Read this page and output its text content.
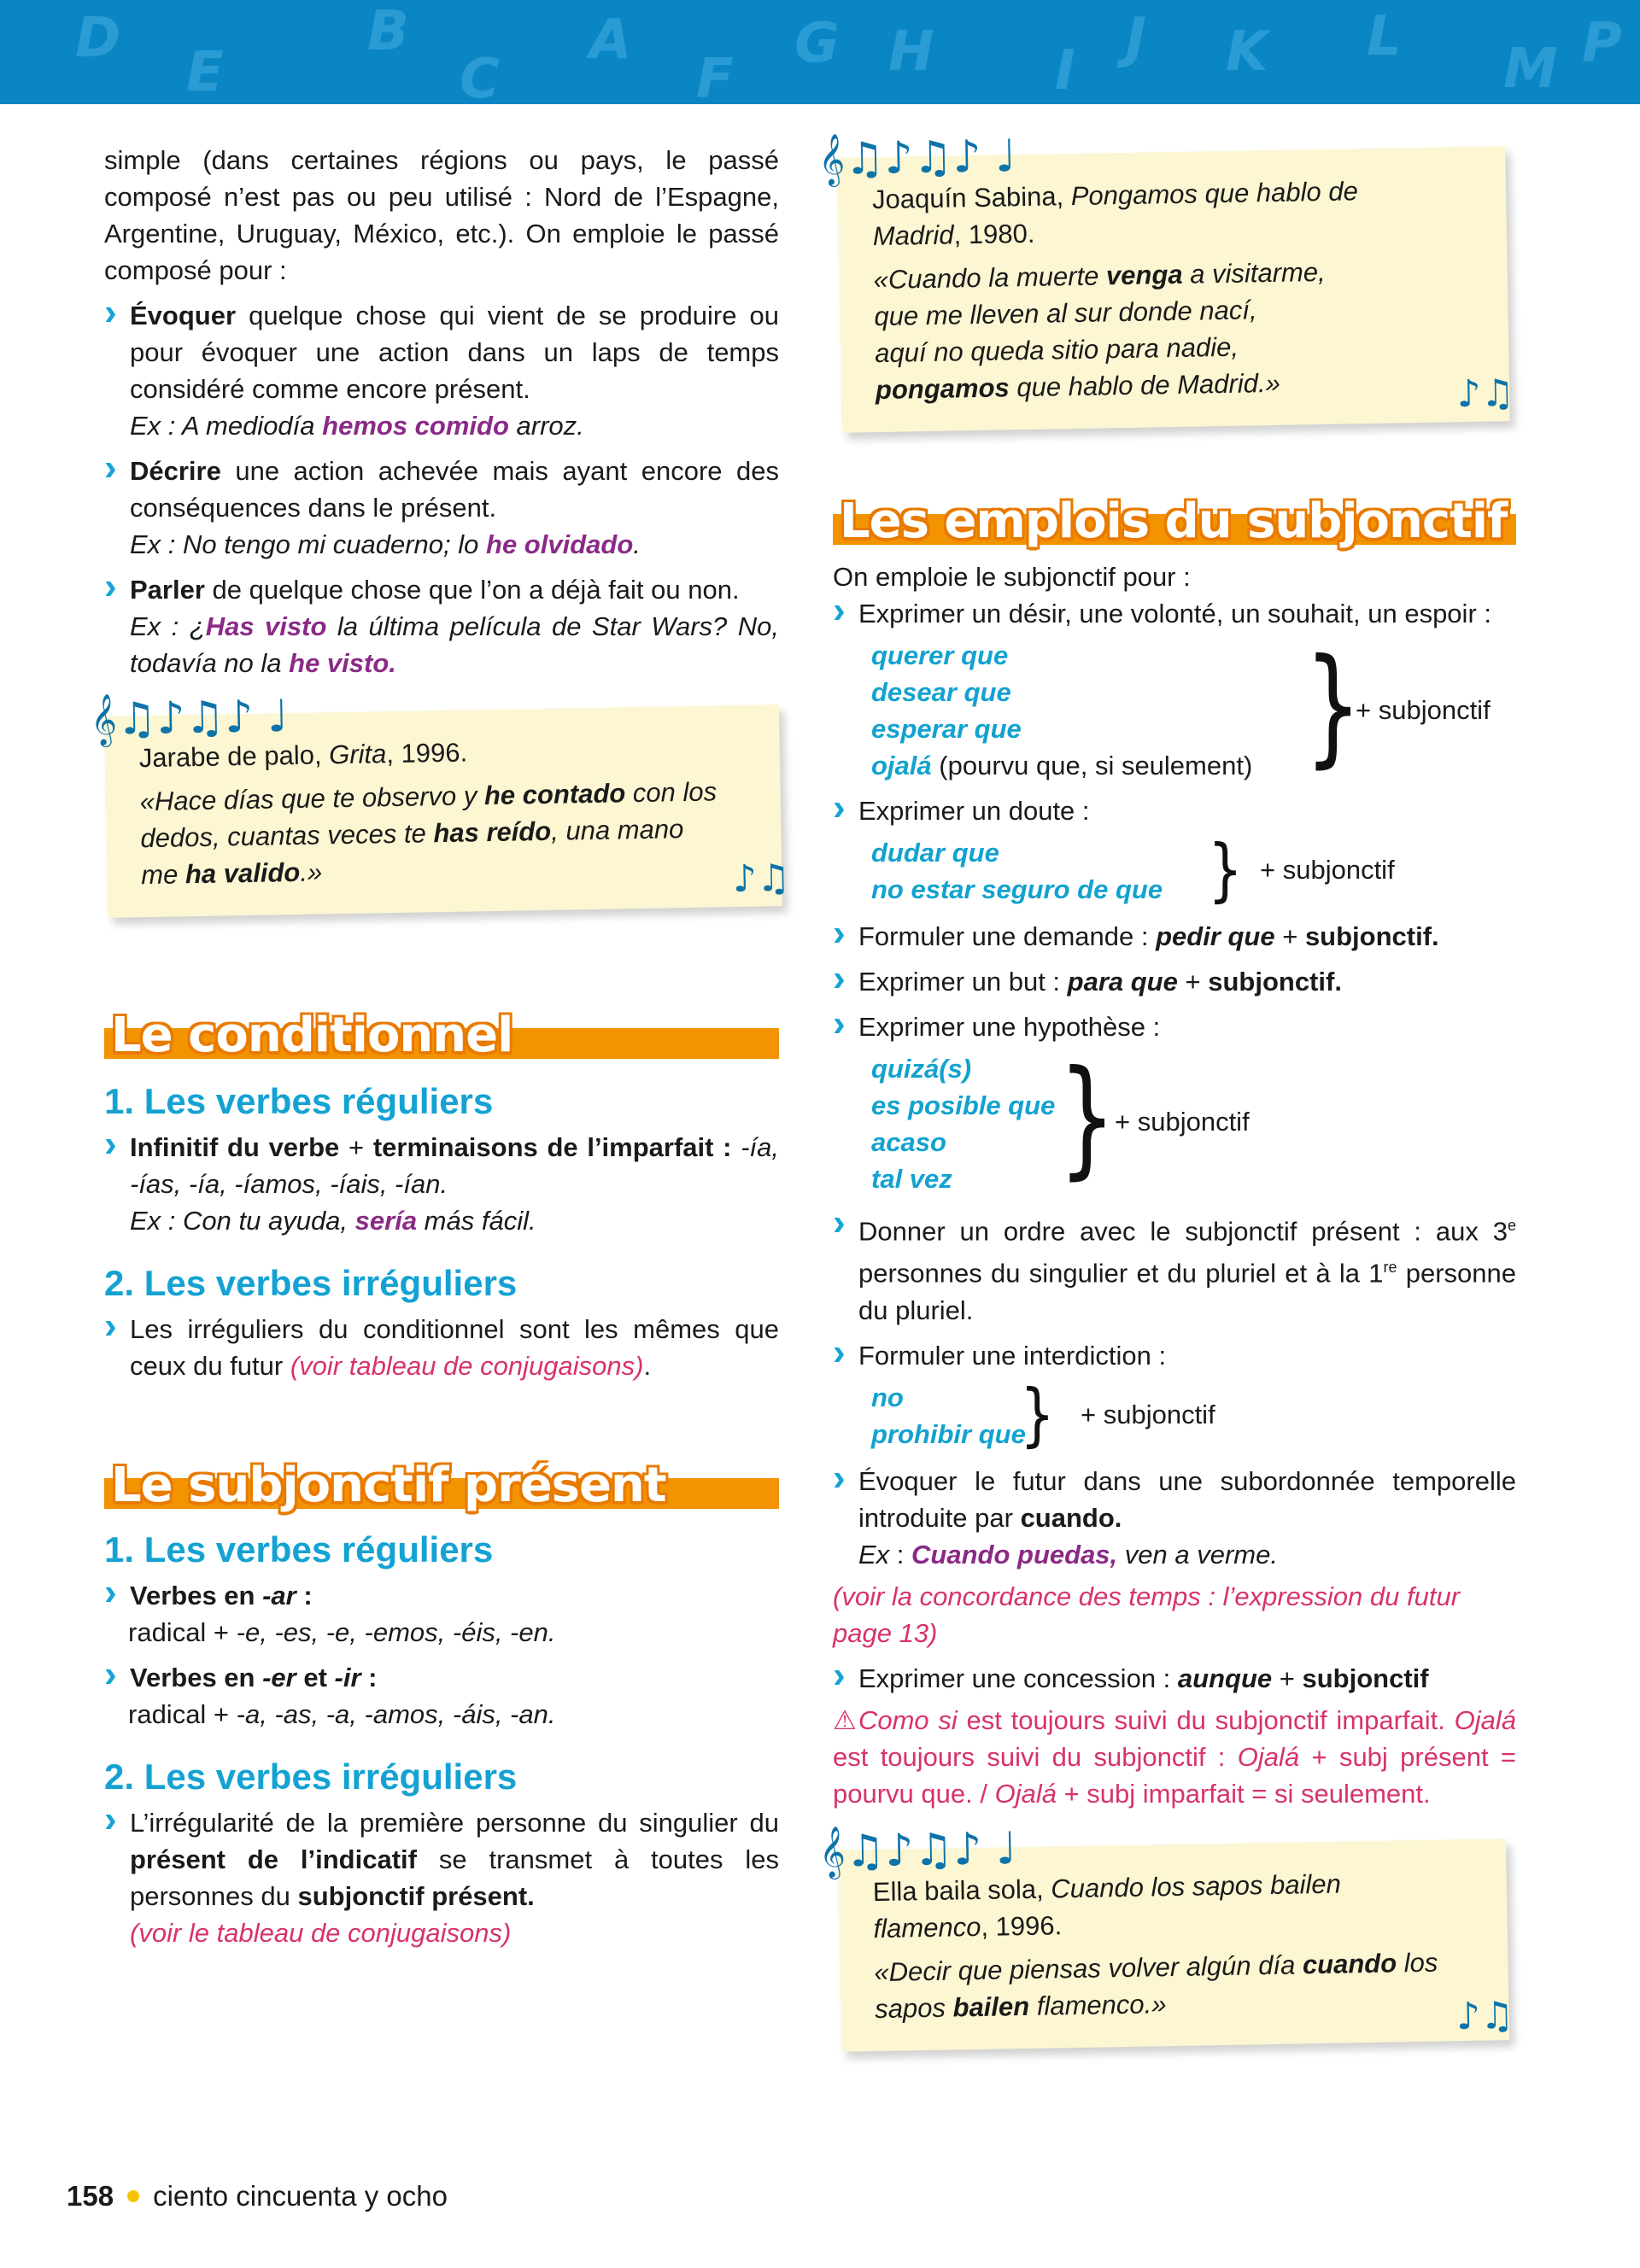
D
E
B
C
A
F
G H I
J K L
M P
simple (dans certaines régions ou pays, le passé composé n’est pas ou peu utilisé : Nord de l’Espagne, Argentine, Uruguay, México, etc.). On emploie le passé composé pour :
› Évoquer quelque chose qui vient de se produire ou pour évoquer une action dans un laps de temps considéré comme encore présent.
Ex : A mediodía hemos comido arroz.
› Décrire une action achevée mais ayant encore des conséquences dans le présent.
Ex : No tengo mi cuaderno; lo he olvidado.
› Parler de quelque chose que l’on a déjà fait ou non.
Ex : ¿Has visto la última película de Star Wars? No, todavía no la he visto.
𝄞♫♪♫♪ ♩
Jarabe de palo, Grita, 1996.
«Hace días que te observo y he contado con los dedos, cuantas veces te has reído, una mano me ha valido.»	♪♫
Le conditionnel
1. Les verbes réguliers
› Infinitif du verbe + terminaisons de l’imparfait : -ía, -ías, -ía, -íamos, -íais, -ían.
Ex : Con tu ayuda, sería más fácil.
2. Les verbes irréguliers
› Les irréguliers du conditionnel sont les mêmes que ceux du futur (voir tableau de conjugaisons).
Le subjonctif présent
1. Les verbes réguliers
› Verbes en -ar :
radical + -e, -es, -e, -emos, -éis, -en.
› Verbes en -er et -ir :
radical + -a, -as, -a, -amos, -áis, -an.
2. Les verbes irréguliers
› L’irrégularité de la première personne du singulier du présent de l’indicatif se transmet à toutes les personnes du subjonctif présent.
(voir le tableau de conjugaisons)
𝄞♫♪♫♪ ♩
Joaquín Sabina, Pongamos que hablo de Madrid, 1980.
«Cuando la muerte venga a visitarme,
que me lleven al sur donde nací,
aquí no queda sitio para nadie,
pongamos que hablo de Madrid.»	♪♫
Les emplois du subjonctif
On emploie le subjonctif pour :
› Exprimer un désir, une volonté, un souhait, un espoir :
querer que
desear que
esperar que
ojalá (pourvu que, si seulement) }
+ subjonctif
› Exprimer un doute :
dudar que
no estar seguro de que } + subjonctif
› Formuler une demande : pedir que + subjonctif.
› Exprimer un but : para que + subjonctif.
› Exprimer une hypothèse :
quizá(s)
es posible que
acaso
tal vez }
+ subjonctif
› Donner un ordre avec le subjonctif présent : aux 3e personnes du singulier et du pluriel et à la 1re personne du pluriel.
› Formuler une interdiction :
no
prohibir que
} + subjonctif
› Évoquer le futur dans une subordonnée temporelle introduite par cuando.
Ex : Cuando puedas, ven a verme.
(voir la concordance des temps : l’expression du futur page 13)
› Exprimer une concession : aunque + subjonctif
⚠Como si est toujours suivi du subjonctif imparfait. Ojalá est toujours suivi du subjonctif : Ojalá + subj présent = pourvu que. / Ojalá + subj imparfait = si seulement.
𝄞♫♪♫♪ ♩
Ella baila sola, Cuando los sapos bailen flamenco, 1996.
«Decir que piensas volver algún día cuando los sapos bailen flamenco.»	♪♫
158 ciento cincuenta y ocho
